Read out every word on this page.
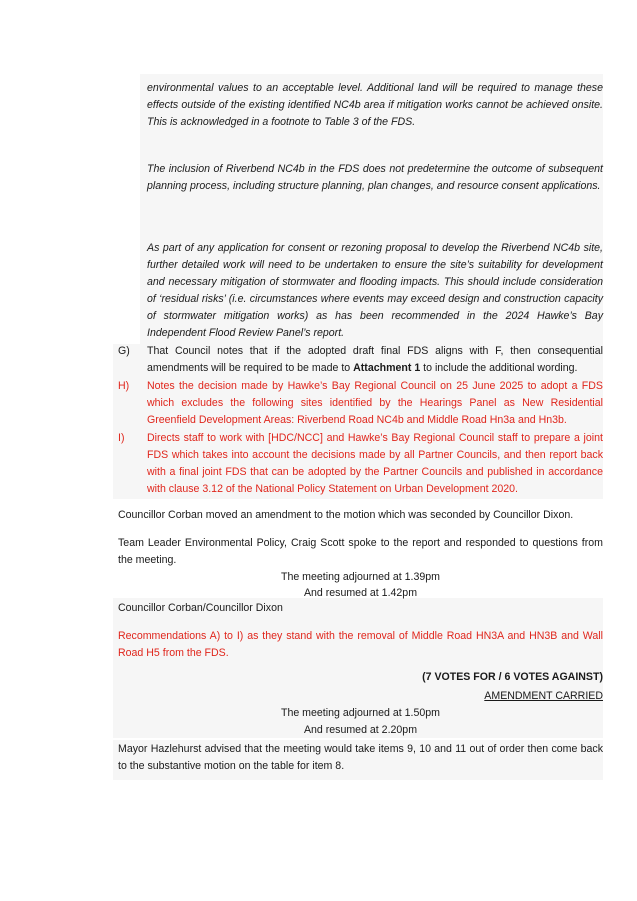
environmental values to an acceptable level. Additional land will be required to manage these effects outside of the existing identified NC4b area if mitigation works cannot be achieved onsite. This is acknowledged in a footnote to Table 3 of the FDS.

The inclusion of Riverbend NC4b in the FDS does not predetermine the outcome of subsequent planning process, including structure planning, plan changes, and resource consent applications.

As part of any application for consent or rezoning proposal to develop the Riverbend NC4b site, further detailed work will need to be undertaken to ensure the site’s suitability for development and necessary mitigation of stormwater and flooding impacts. This should include consideration of ‘residual risks’ (i.e. circumstances where events may exceed design and construction capacity of stormwater mitigation works) as has been recommended in the 2024 Hawke’s Bay Independent Flood Review Panel’s report.

G) That Council notes that if the adopted draft final FDS aligns with F, then consequential amendments will be required to be made to Attachment 1 to include the additional wording.

H) Notes the decision made by Hawke’s Bay Regional Council on 25 June 2025 to adopt a FDS which excludes the following sites identified by the Hearings Panel as New Residential Greenfield Development Areas: Riverbend Road NC4b and Middle Road Hn3a and Hn3b.

I) Directs staff to work with [HDC/NCC] and Hawke’s Bay Regional Council staff to prepare a joint FDS which takes into account the decisions made by all Partner Councils, and then report back with a final joint FDS that can be adopted by the Partner Councils and published in accordance with clause 3.12 of the National Policy Statement on Urban Development 2020.

Councillor Corban moved an amendment to the motion which was seconded by Councillor Dixon.

Team Leader Environmental Policy, Craig Scott spoke to the report and responded to questions from the meeting.

The meeting adjourned at 1.39pm

And resumed at 1.42pm

Councillor Corban/Councillor Dixon

Recommendations A) to I) as they stand with the removal of Middle Road HN3A and HN3B and Wall Road H5 from the FDS.

(7 VOTES FOR / 6 VOTES AGAINST)

AMENDMENT CARRIED

The meeting adjourned at 1.50pm

And resumed at 2.20pm

Mayor Hazlehurst advised that the meeting would take items 9, 10 and 11 out of order then come back to the substantive motion on the table for item 8.
